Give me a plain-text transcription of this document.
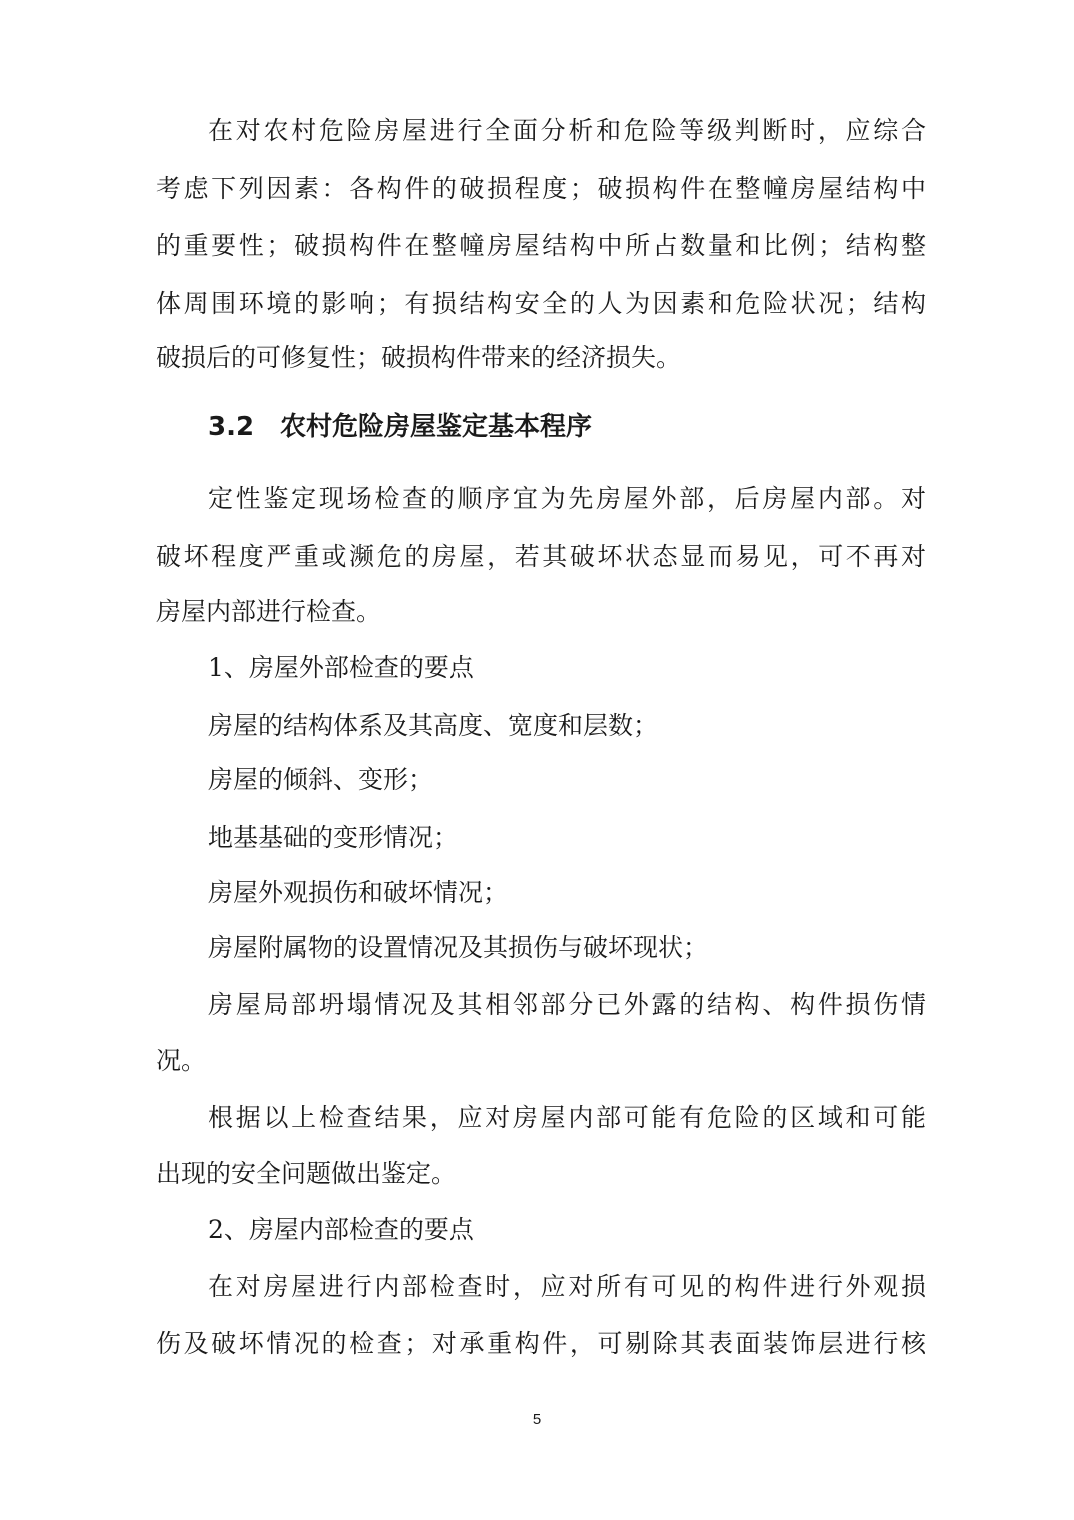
在对农村危险房屋进行全面分析和危险等级判断时，应综合
考虑下列因素：各构件的破损程度；破损构件在整幢房屋结构中
的重要性；破损构件在整幢房屋结构中所占数量和比例；结构整
体周围环境的影响；有损结构安全的人为因素和危险状况；结构
破损后的可修复性；破损构件带来的经济损失。
3.2 农村危险房屋鉴定基本程序
定性鉴定现场检查的顺序宜为先房屋外部，后房屋内部。对
破坏程度严重或濒危的房屋，若其破坏状态显而易见，可不再对
房屋内部进行检查。
1、房屋外部检查的要点
房屋的结构体系及其高度、宽度和层数；
房屋的倾斜、变形；
地基基础的变形情况；
房屋外观损伤和破坏情况；
房屋附属物的设置情况及其损伤与破坏现状；
房屋局部坍塌情况及其相邻部分已外露的结构、构件损伤情
况。
根据以上检查结果，应对房屋内部可能有危险的区域和可能
出现的安全问题做出鉴定。
2、房屋内部检查的要点
在对房屋进行内部检查时，应对所有可见的构件进行外观损
伤及破坏情况的检查；对承重构件，可剔除其表面装饰层进行核
5
